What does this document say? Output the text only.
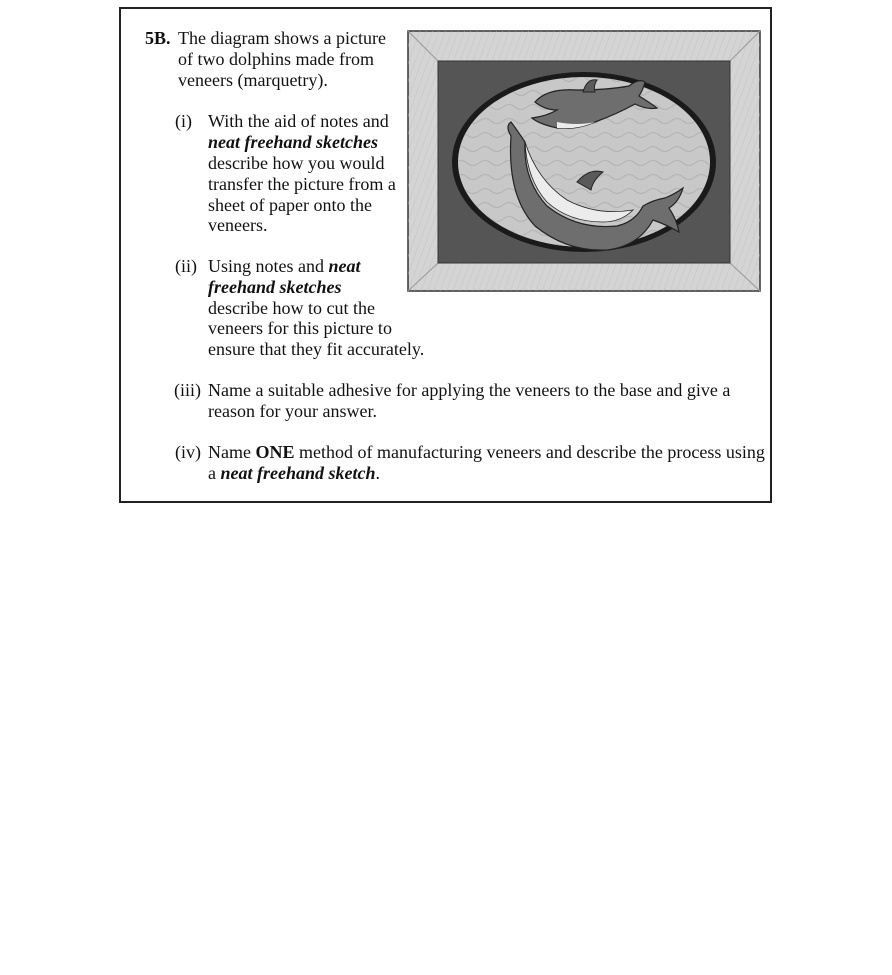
5B. The diagram shows a picture
of two dolphins made from
veneers (marquetry).
(i) With the aid of notes and
neat freehand sketches
describe how you would
transfer the picture from a
sheet of paper onto the
veneers.
(ii) Using notes and neat
freehand sketches
describe how to cut the
veneers for this picture to
ensure that they fit accurately.
(iii) Name a suitable adhesive for applying the veneers to the base and give a
reason for your answer.
(iv) Name ONE method of manufacturing veneers and describe the process using
a neat freehand sketch.
